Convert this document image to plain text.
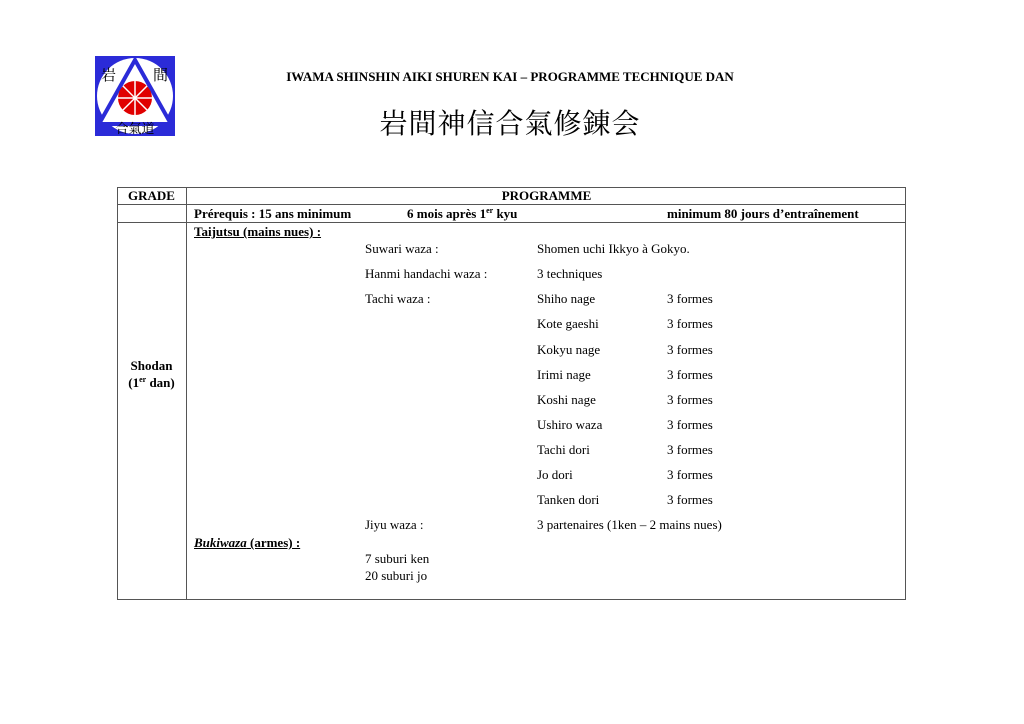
岩 間
合氣道
IWAMA SHINSHIN AIKI SHUREN KAI – PROGRAMME TECHNIQUE DAN
岩間神信合氣修錬会
GRADE	PROGRAMME
Prérequis : 15 ans minimum	6 mois après 1er kyu	minimum 80 jours d’entraînement
Shodan
(1er dan)
Taijutsu (mains nues) :
Suwari waza :	Shomen uchi Ikkyo à Gokyo.
Hanmi handachi waza :	3 techniques
Tachi waza :	Shiho nage	3 formes
Kote gaeshi	3 formes
Kokyu nage	3 formes
Irimi nage	3 formes
Koshi nage	3 formes
Ushiro waza	3 formes
Tachi dori	3 formes
Jo dori	3 formes
Tanken dori	3 formes
Jiyu waza :	3 partenaires (1ken – 2 mains nues)
Bukiwaza (armes) :
7 suburi ken
20 suburi jo
